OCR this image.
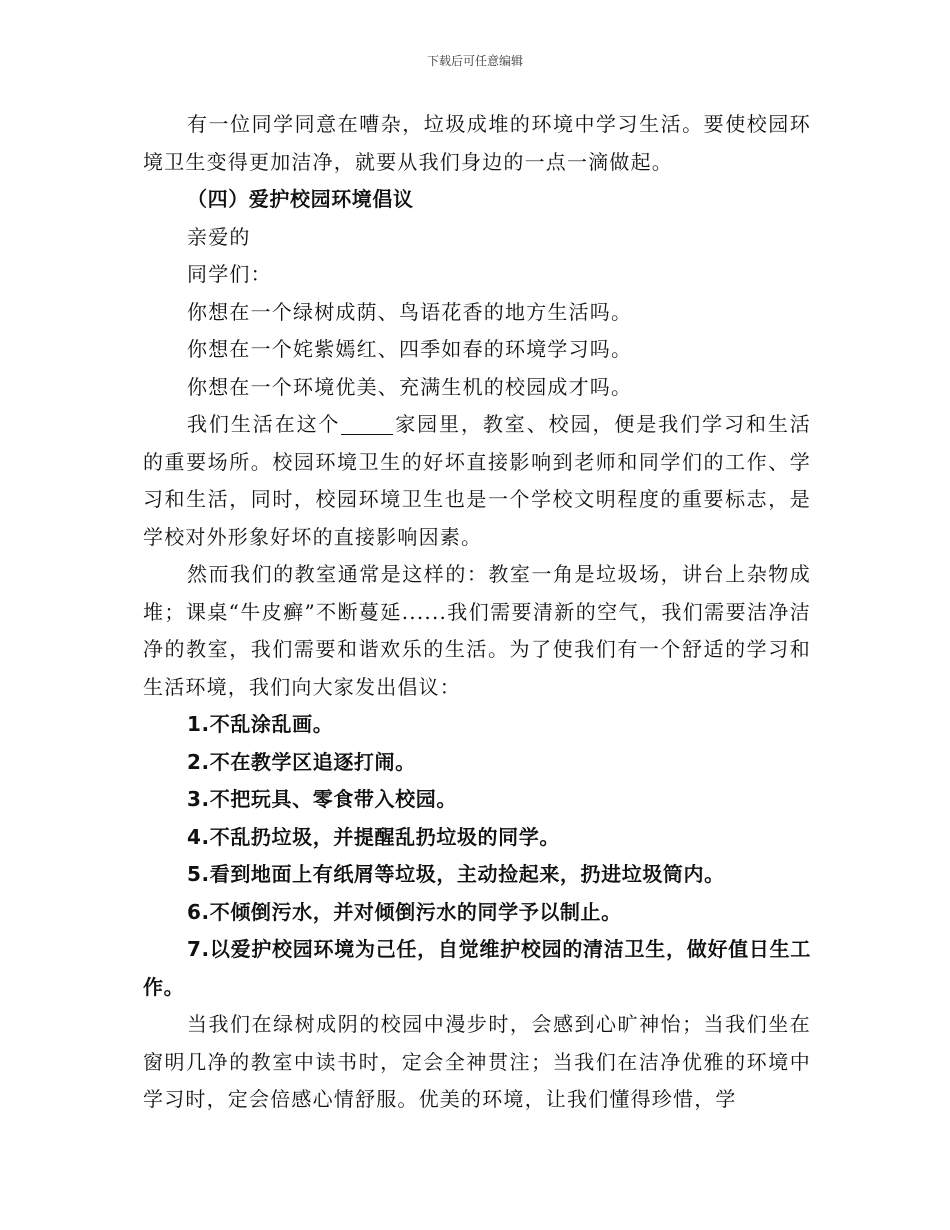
下载后可任意编辑

有一位同学同意在嘈杂，垃圾成堆的环境中学习生活。要使校园环境卫生变得更加洁净，就要从我们身边的一点一滴做起。

（四）爱护校园环境倡议

亲爱的

同学们：

你想在一个绿树成荫、鸟语花香的地方生活吗。

你想在一个姹紫嫣红、四季如春的环境学习吗。

你想在一个环境优美、充满生机的校园成才吗。

我们生活在这个	家园里，教室、校园，便是我们学习和生活的重要场所。校园环境卫生的好坏直接影响到老师和同学们的工作、学习和生活，同时，校园环境卫生也是一个学校文明程度的重要标志，是学校对外形象好坏的直接影响因素。

然而我们的教室通常是这样的：教室一角是垃圾场，讲台上杂物成堆；课桌“牛皮癣”不断蔓延......我们需要清新的空气，我们需要洁净洁净的教室，我们需要和谐欢乐的生活。为了使我们有一个舒适的学习和生活环境，我们向大家发出倡议：

1.不乱涂乱画。

2.不在教学区追逐打闹。

3.不把玩具、零食带入校园。

4.不乱扔垃圾，并提醒乱扔垃圾的同学。

5.看到地面上有纸屑等垃圾，主动捡起来，扔进垃圾筒内。

6.不倾倒污水，并对倾倒污水的同学予以制止。

7.以爱护校园环境为己任，自觉维护校园的清洁卫生，做好值日生工作。

当我们在绿树成阴的校园中漫步时，会感到心旷神怡；当我们坐在窗明几净的教室中读书时，定会全神贯注；当我们在洁净优雅的环境中学习时，定会倍感心情舒服。优美的环境，让我们懂得珍惜，学
